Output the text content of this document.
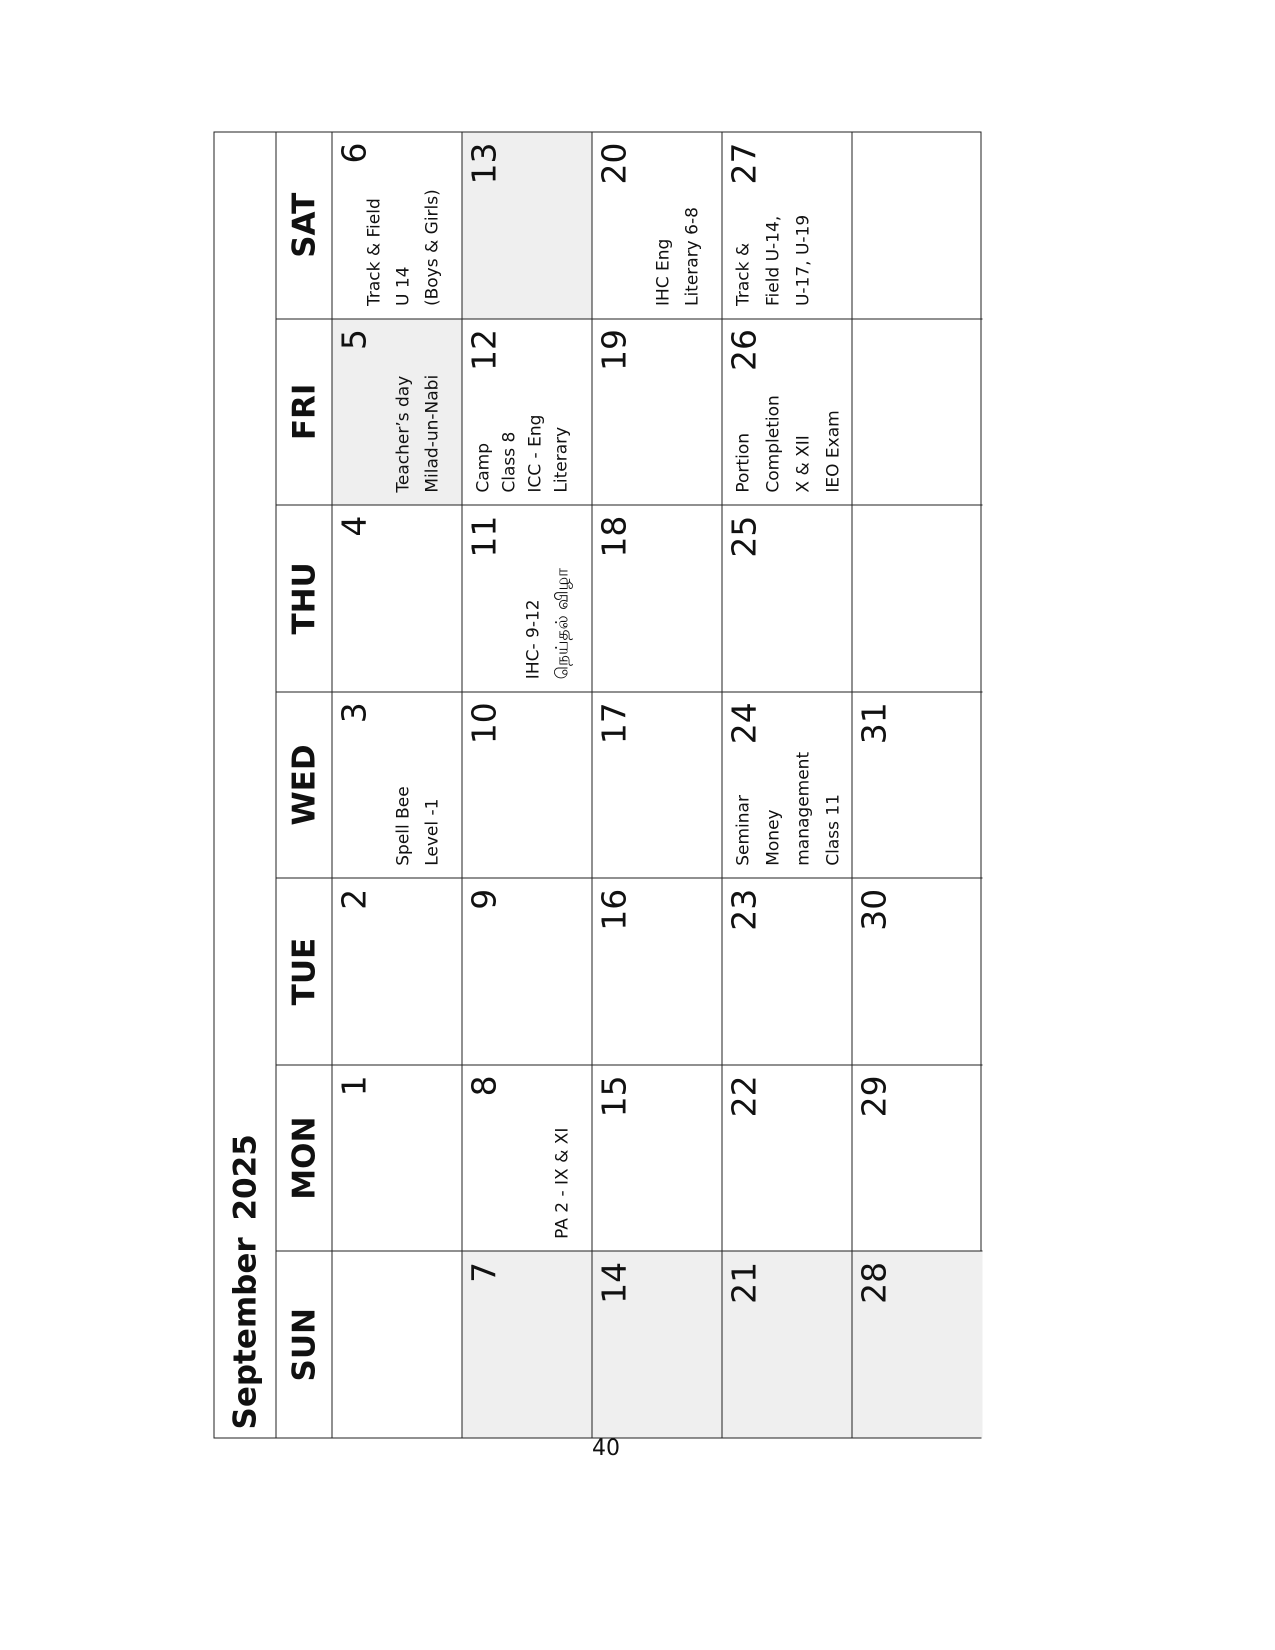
September 2025 SUN
MON
TUE
WED
THU
FRI
SAT
1
2
3
Spell Bee Level -1
4
5
Teacher’s day Milad-un-Nabi
6
Track & Field U 14 (Boys & Girls)
7
8
PA 2 - IX & XI
9
10
11
IHC- 9-12 நெய்தல் விழா
12
Camp Class 8 ICC - Eng Literary
13
14
15
16
17
18
19
20
IHC Eng Literary 6-8
21
22
23
24
Seminar Money management Class 11
25
26
Portion Completion X & XII IEO Exam
27
Track & Field U-14, U-17, U-19
28
29
30
31
40
